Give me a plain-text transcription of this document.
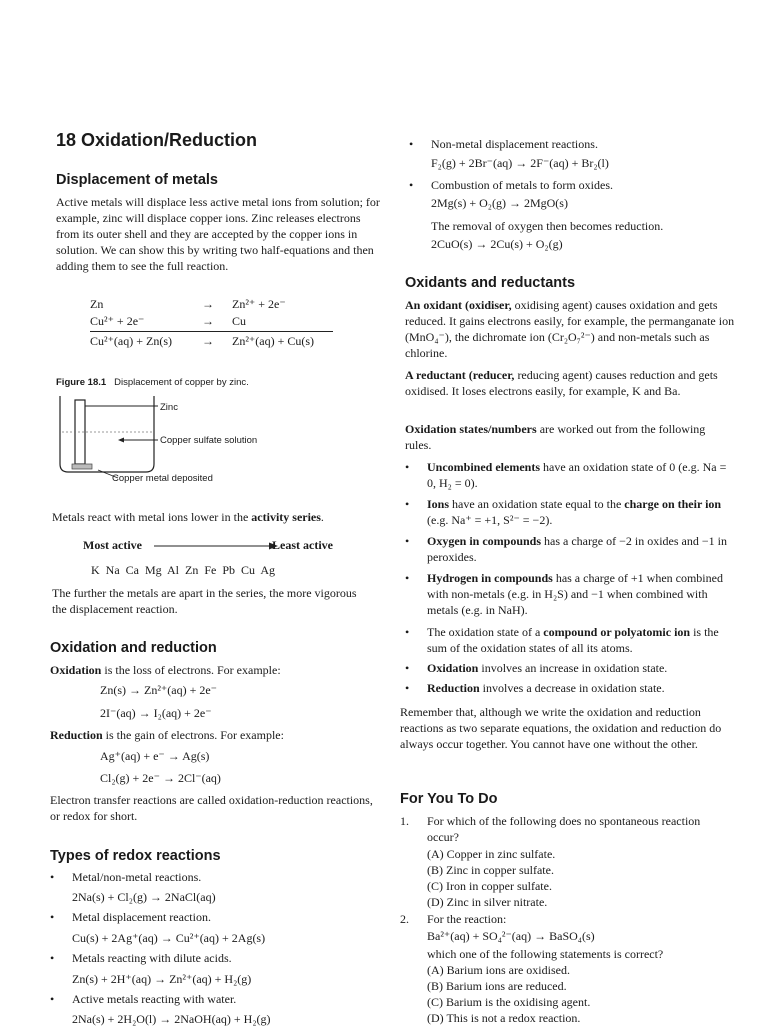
18 Oxidation/Reduction
Displacement of metals
Active metals will displace less active metal ions from solution; for example, zinc will displace copper ions. Zinc releases electrons from its outer shell and they are accepted by the copper ions in solution. We can show this by writing two half-equations and then adding them to see the full reaction.
Zn	→	Zn²⁺ + 2e⁻
Cu²⁺ + 2e⁻	→	Cu
Cu²⁺(aq) + Zn(s)	→	Zn²⁺(aq) + Cu(s)
Figure 18.1 Displacement of copper by zinc.
Zinc
Copper sulfate solution
Copper metal deposited
Metals react with metal ions lower in the activity series.
Most active	Least active
K  Na  Ca  Mg  Al  Zn  Fe  Pb  Cu  Ag
The further the metals are apart in the series, the more vigorous the displacement reaction.
Oxidation and reduction
Oxidation is the loss of electrons. For example:
Zn(s) → Zn²⁺(aq) + 2e⁻
2I⁻(aq) → I₂(aq) + 2e⁻
Reduction is the gain of electrons. For example:
Ag⁺(aq) + e⁻ → Ag(s)
Cl₂(g) + 2e⁻ → 2Cl⁻(aq)
Electron transfer reactions are called oxidation-reduction reactions, or redox for short.
Types of redox reactions
• Metal/non-metal reactions.
2Na(s) + Cl₂(g) → 2NaCl(aq)
• Metal displacement reaction.
Cu(s) + 2Ag⁺(aq) → Cu²⁺(aq) + 2Ag(s)
• Metals reacting with dilute acids.
Zn(s) + 2H⁺(aq) → Zn²⁺(aq) + H₂(g)
• Active metals reacting with water.
2Na(s) + 2H₂O(l) → 2NaOH(aq) + H₂(g)
• Non-metal displacement reactions.
F₂(g) + 2Br⁻(aq) → 2F⁻(aq) + Br₂(l)
• Combustion of metals to form oxides.
2Mg(s) + O₂(g) → 2MgO(s)
The removal of oxygen then becomes reduction.
2CuO(s) → 2Cu(s) + O₂(g)
Oxidants and reductants
An oxidant (oxidiser, oxidising agent) causes oxidation and gets reduced. It gains electrons easily, for example, the permanganate ion (MnO₄⁻), the dichromate ion (Cr₂O₇²⁻) and non-metals such as chlorine.
A reductant (reducer, reducing agent) causes reduction and gets oxidised. It loses electrons easily, for example, K and Ba.
Oxidation states/numbers are worked out from the following rules.
• Uncombined elements have an oxidation state of 0 (e.g. Na = 0, H₂ = 0).
• Ions have an oxidation state equal to the charge on their ion (e.g. Na⁺ = +1, S²⁻ = −2).
• Oxygen in compounds has a charge of −2 in oxides and −1 in peroxides.
• Hydrogen in compounds has a charge of +1 when combined with non-metals (e.g. in H₂S) and −1 when combined with metals (e.g. in NaH).
• The oxidation state of a compound or polyatomic ion is the sum of the oxidation states of all its atoms.
• Oxidation involves an increase in oxidation state.
• Reduction involves a decrease in oxidation state.
Remember that, although we write the oxidation and reduction reactions as two separate equations, the oxidation and reduction do always occur together. You cannot have one without the other.
For You To Do
1. For which of the following does no spontaneous reaction occur?
(A) Copper in zinc sulfate.
(B) Zinc in copper sulfate.
(C) Iron in copper sulfate.
(D) Zinc in silver nitrate.
2. For the reaction:
Ba²⁺(aq) + SO₄²⁻(aq) → BaSO₄(s)
which one of the following statements is correct?
(A) Barium ions are oxidised.
(B) Barium ions are reduced.
(C) Barium is the oxidising agent.
(D) This is not a redox reaction.
